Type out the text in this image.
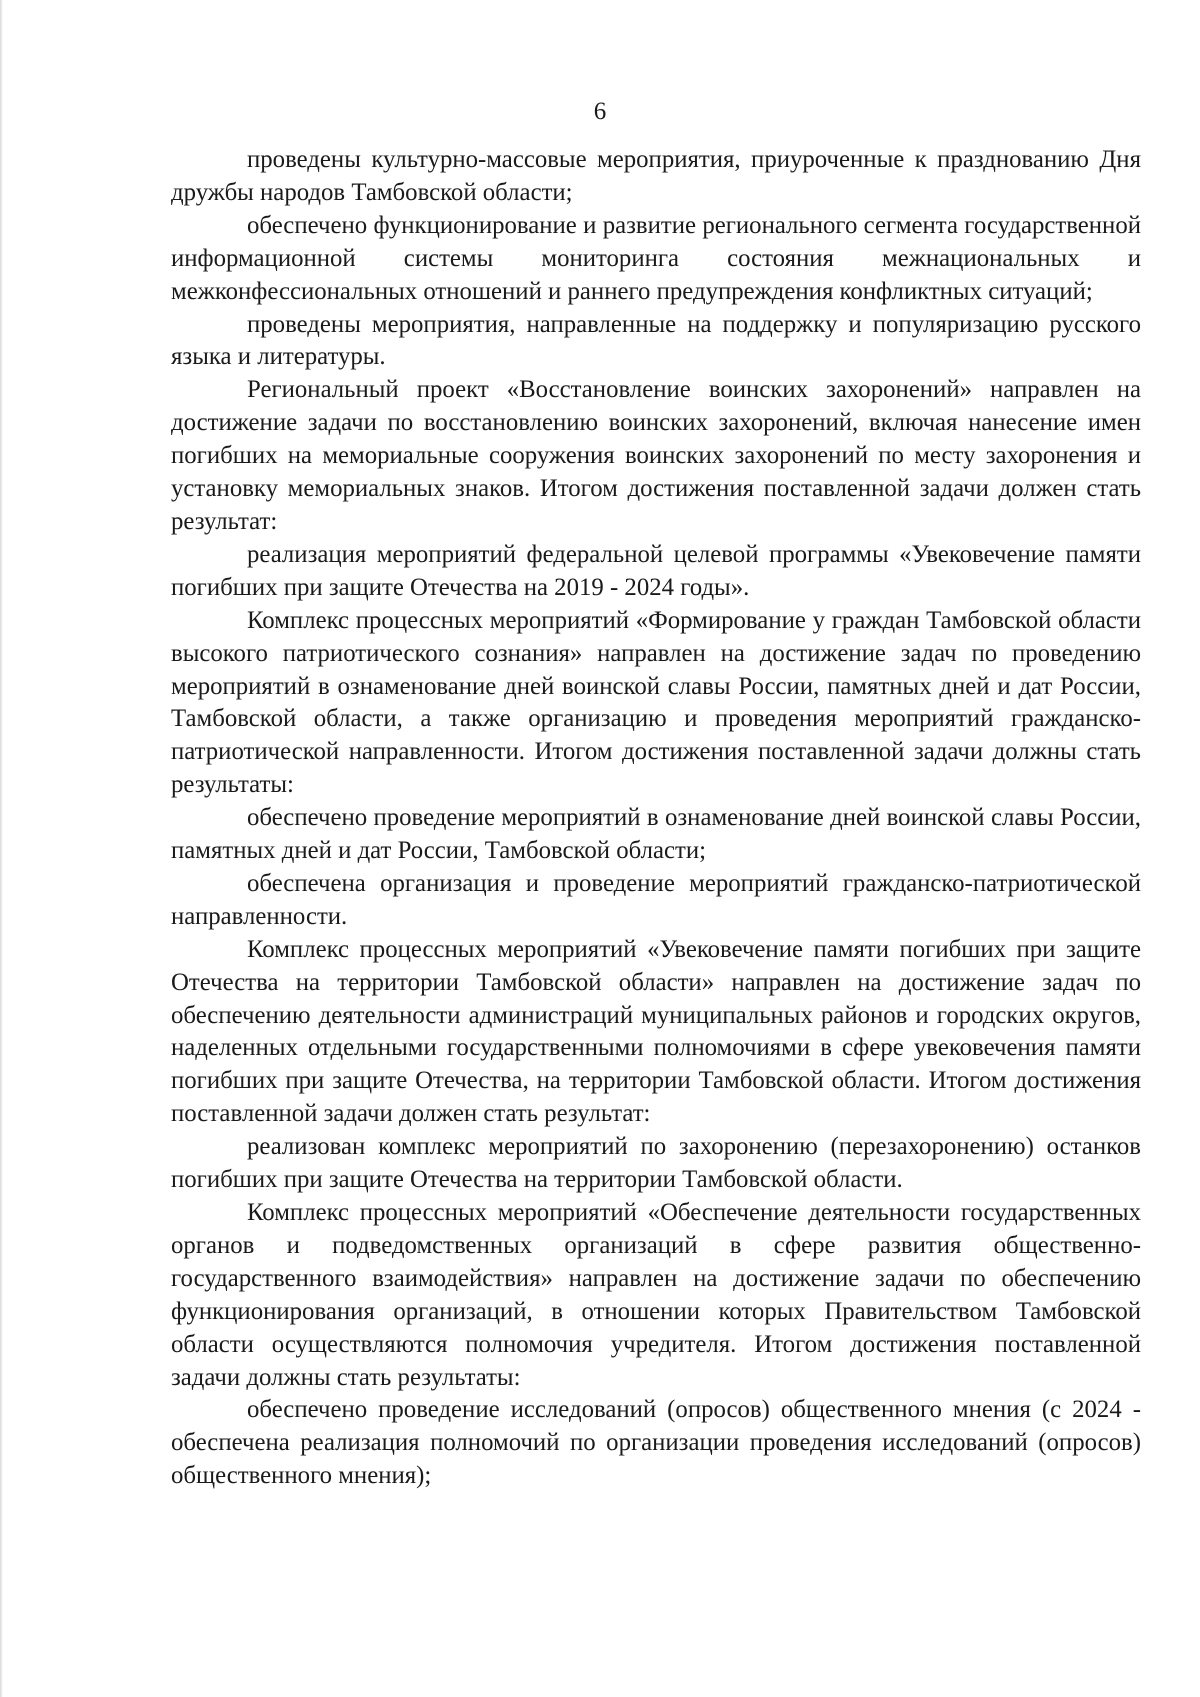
6

проведены культурно-массовые мероприятия, приуроченные к празднованию Дня дружбы народов Тамбовской области;

обеспечено функционирование и развитие регионального сегмента государственной информационной системы мониторинга состояния межнациональных и межконфессиональных отношений и раннего предупреждения конфликтных ситуаций;

проведены мероприятия, направленные на поддержку и популяризацию русского языка и литературы.

Региональный проект «Восстановление воинских захоронений» направлен на достижение задачи по восстановлению воинских захоронений, включая нанесение имен погибших на мемориальные сооружения воинских захоронений по месту захоронения и установку мемориальных знаков. Итогом достижения поставленной задачи должен стать результат:

реализация мероприятий федеральной целевой программы «Увековечение памяти погибших при защите Отечества на 2019 - 2024 годы».

Комплекс процессных мероприятий «Формирование у граждан Тамбовской области высокого патриотического сознания» направлен на достижение задач по проведению мероприятий в ознаменование дней воинской славы России, памятных дней и дат России, Тамбовской области, а также организацию и проведения мероприятий гражданско-патриотической направленности. Итогом достижения поставленной задачи должны стать результаты:

обеспечено проведение мероприятий в ознаменование дней воинской славы России, памятных дней и дат России, Тамбовской области;

обеспечена организация и проведение мероприятий гражданско-патриотической направленности.

Комплекс процессных мероприятий «Увековечение памяти погибших при защите Отечества на территории Тамбовской области» направлен на достижение задач по обеспечению деятельности администраций муниципальных районов и городских округов, наделенных отдельными государственными полномочиями в сфере увековечения памяти погибших при защите Отечества, на территории Тамбовской области. Итогом достижения поставленной задачи должен стать результат:

реализован комплекс мероприятий по захоронению (перезахоронению) останков погибших при защите Отечества на территории Тамбовской области.

Комплекс процессных мероприятий «Обеспечение деятельности государственных органов и подведомственных организаций в сфере развития общественно-государственного взаимодействия» направлен на достижение задачи по обеспечению функционирования организаций, в отношении которых Правительством Тамбовской области осуществляются полномочия учредителя. Итогом достижения поставленной задачи должны стать результаты:

обеспечено проведение исследований (опросов) общественного мнения (с 2024 - обеспечена реализация полномочий по организации проведения исследований (опросов) общественного мнения);
